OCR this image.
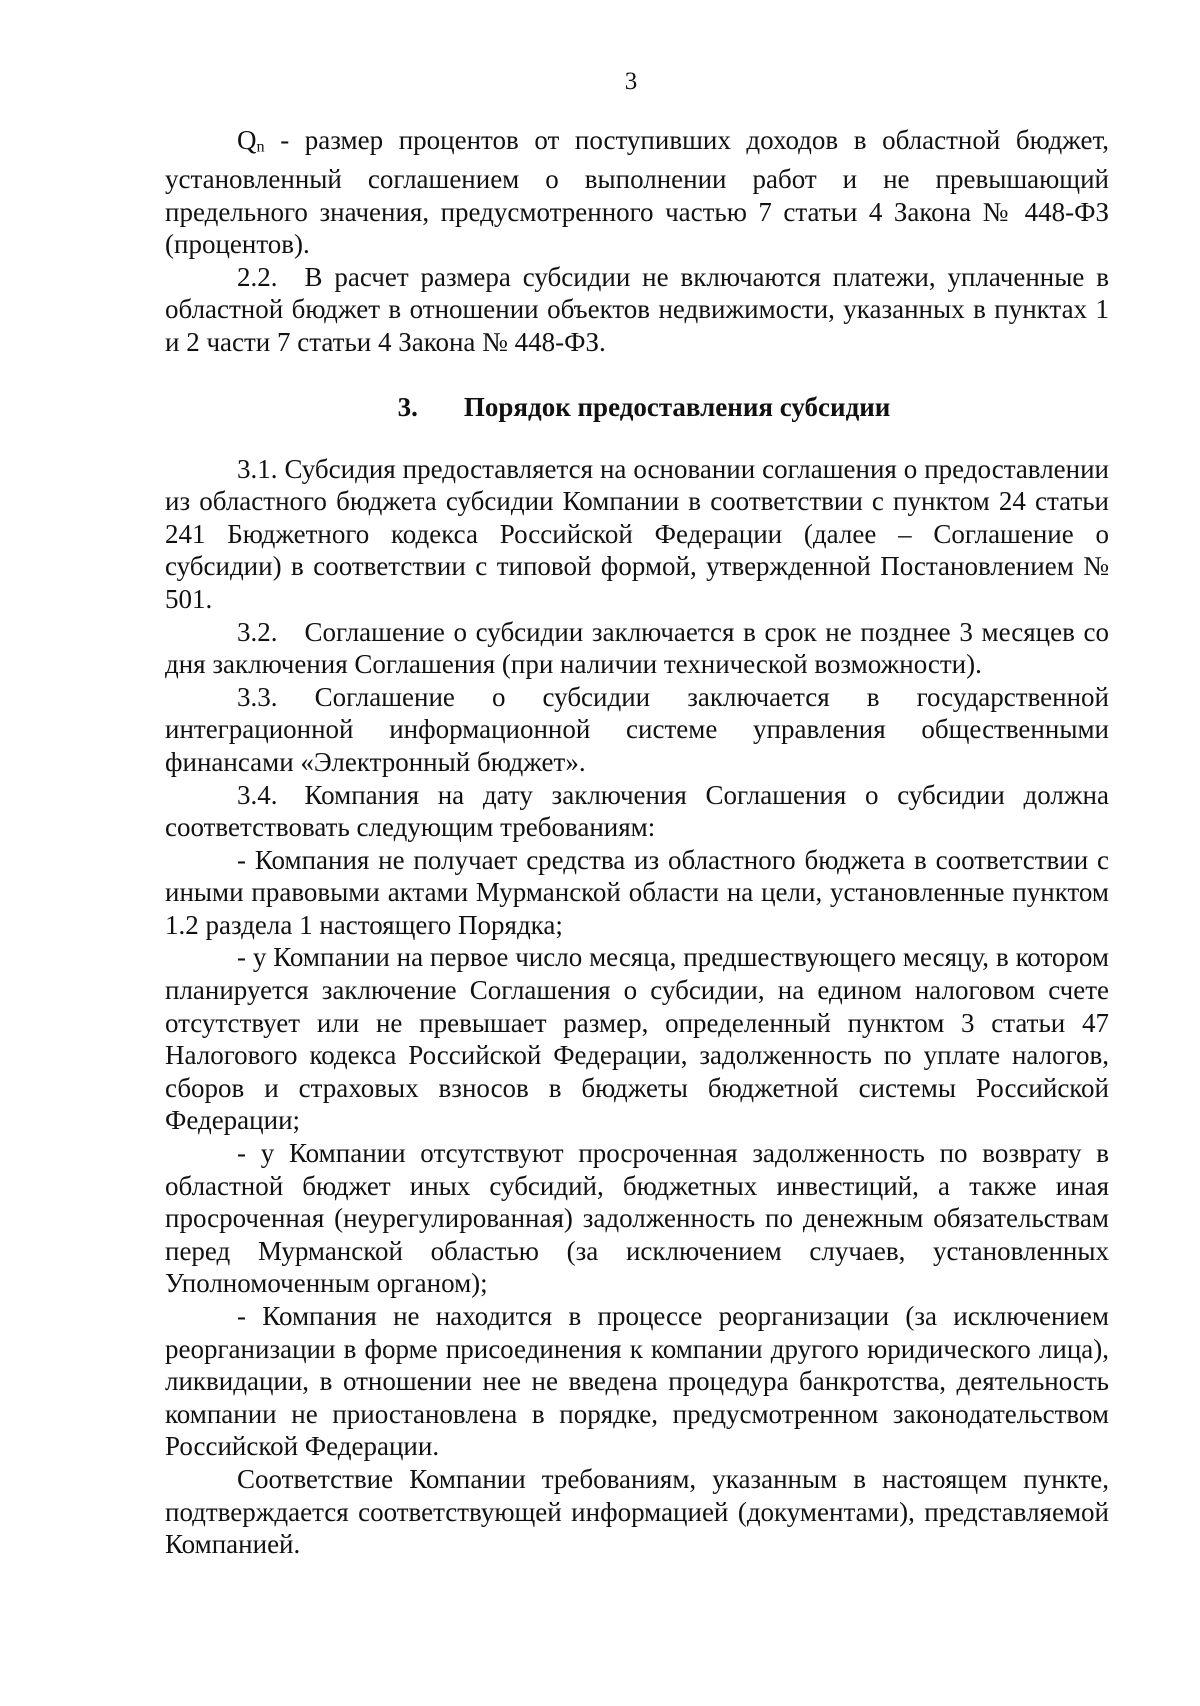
3

$Q_n$ - размер процентов от поступивших доходов в областной бюджет, установленный соглашением о выполнении работ и не превышающий предельного значения, предусмотренного частью 7 статьи 4 Закона № 448-ФЗ (процентов).

2.2. В расчет размера субсидии не включаются платежи, уплаченные в областной бюджет в отношении объектов недвижимости, указанных в пунктах 1 и 2 части 7 статьи 4 Закона № 448-ФЗ.

3. Порядок предоставления субсидии

3.1. Субсидия предоставляется на основании соглашения о предоставлении из областного бюджета субсидии Компании в соответствии с пунктом 24 статьи 241 Бюджетного кодекса Российской Федерации (далее – Соглашение о субсидии) в соответствии с типовой формой, утвержденной Постановлением № 501.

3.2. Соглашение о субсидии заключается в срок не позднее 3 месяцев со дня заключения Соглашения (при наличии технической возможности).

3.3. Соглашение о субсидии заключается в государственной интеграционной информационной системе управления общественными финансами «Электронный бюджет».

3.4. Компания на дату заключения Соглашения о субсидии должна соответствовать следующим требованиям:

- Компания не получает средства из областного бюджета в соответствии с иными правовыми актами Мурманской области на цели, установленные пунктом 1.2 раздела 1 настоящего Порядка;

- у Компании на первое число месяца, предшествующего месяцу, в котором планируется заключение Соглашения о субсидии, на едином налоговом счете отсутствует или не превышает размер, определенный пунктом 3 статьи 47 Налогового кодекса Российской Федерации, задолженность по уплате налогов, сборов и страховых взносов в бюджеты бюджетной системы Российской Федерации;

- у Компании отсутствуют просроченная задолженность по возврату в областной бюджет иных субсидий, бюджетных инвестиций, а также иная просроченная (неурегулированная) задолженность по денежным обязательствам перед Мурманской областью (за исключением случаев, установленных Уполномоченным органом);

- Компания не находится в процессе реорганизации (за исключением реорганизации в форме присоединения к компании другого юридического лица), ликвидации, в отношении нее не введена процедура банкротства, деятельность компании не приостановлена в порядке, предусмотренном законодательством Российской Федерации.

Соответствие Компании требованиям, указанным в настоящем пункте, подтверждается соответствующей информацией (документами), представляемой Компанией.
